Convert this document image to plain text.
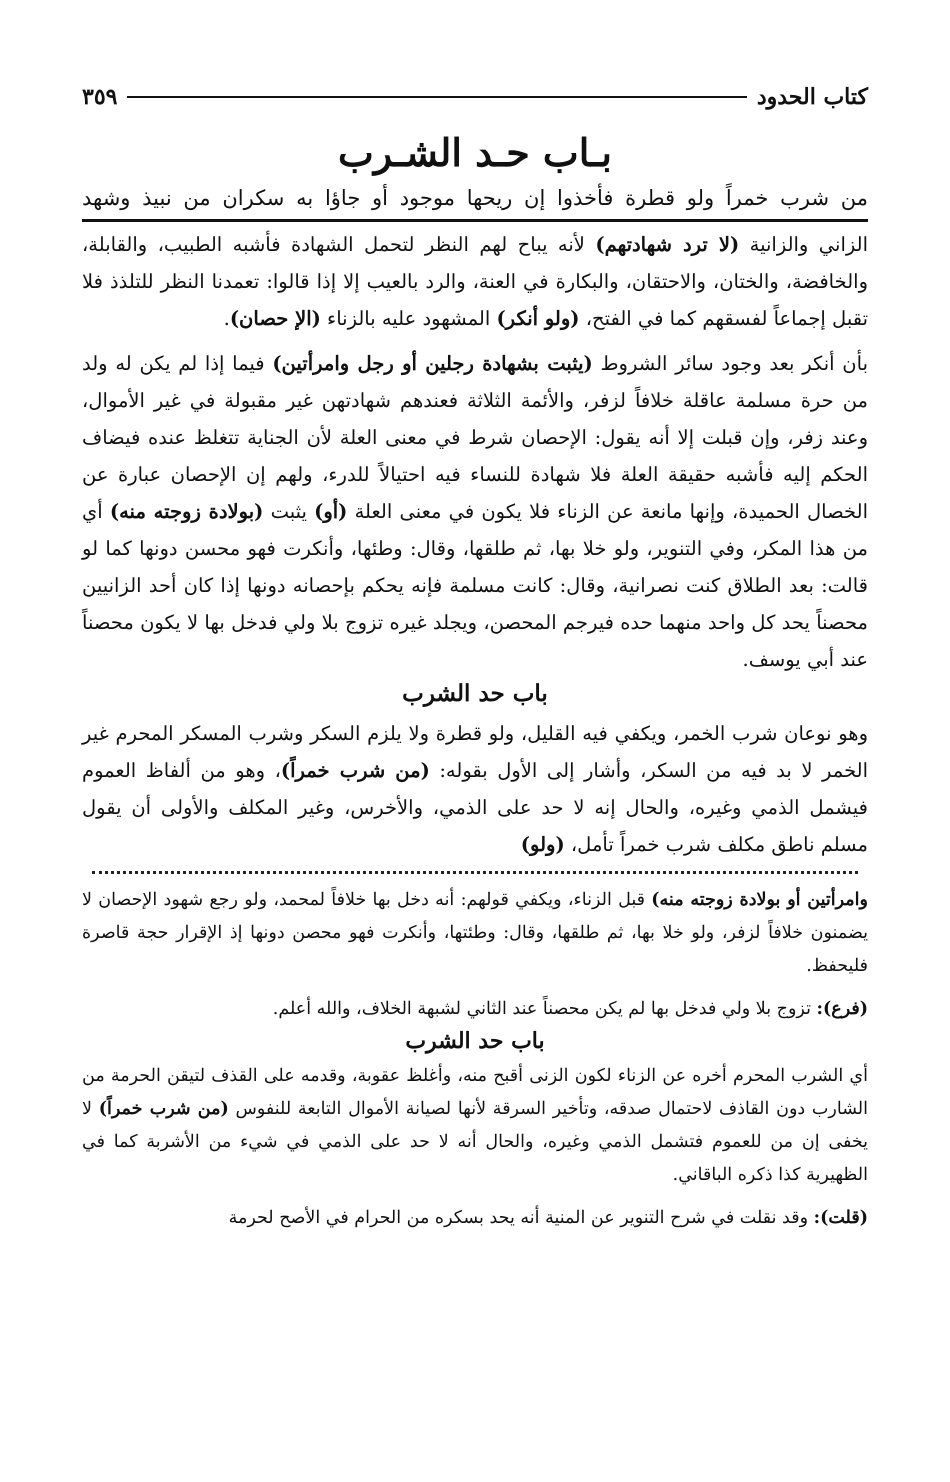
كتاب الحدود
٣٥٩
بـاب حـد الشـرب
من شرب خمراً ولو قطرة فأخذوا إن ريحها موجود أو جاؤا به سكران من نبيذ وشهد

الزاني والزانية (لا ترد شهادتهم) لأنه يباح لهم النظر لتحمل الشهادة فأشبه الطبيب، والقابلة، والخافضة، والختان، والاحتقان، والبكارة في العنة، والرد بالعيب إلا إذا قالوا: تعمدنا النظر للتلذذ فلا تقبل إجماعاً لفسقهم كما في الفتح، (ولو أنكر) المشهود عليه بالزناء (الإ حصان).

بأن أنكر بعد وجود سائر الشروط (يثبت بشهادة رجلين أو رجل وامرأتين) فيما إذا لم يكن له ولد من حرة مسلمة عاقلة خلافاً لزفر، والأئمة الثلاثة فعندهم شهادتهن غير مقبولة في غير الأموال، وعند زفر، وإن قبلت إلا أنه يقول: الإحصان شرط في معنى العلة لأن الجناية تتغلظ عنده فيضاف الحكم إليه فأشبه حقيقة العلة فلا شهادة للنساء فيه احتيالاً للدرء، ولهم إن الإحصان عبارة عن الخصال الحميدة، وإنها مانعة عن الزناء فلا يكون في معنى العلة (أو) يثبت (بولادة زوجته منه) أي من هذا المكر، وفي التنوير، ولو خلا بها، ثم طلقها، وقال: وطئها، وأنكرت فهو محسن دونها كما لو قالت: بعد الطلاق كنت نصرانية، وقال: كانت مسلمة فإنه يحكم بإحصانه دونها إذا كان أحد الزانيين محصناً يحد كل واحد منهما حده فيرجم المحصن، ويجلد غيره تزوج بلا ولي فدخل بها لا يكون محصناً عند أبي يوسف.

باب حد الشرب

وهو نوعان شرب الخمر، ويكفي فيه القليل، ولو قطرة ولا يلزم السكر وشرب المسكر المحرم غير الخمر لا بد فيه من السكر، وأشار إلى الأول بقوله: (من شرب خمراً)، وهو من ألفاظ العموم فيشمل الذمي وغيره، والحال إنه لا حد على الذمي، والأخرس، وغير المكلف والأولى أن يقول مسلم ناطق مكلف شرب خمراً تأمل، (ولو)

وامرأتين أو بولادة زوجته منه) قبل الزناء، ويكفي قولهم: أنه دخل بها خلافاً لمحمد، ولو رجع شهود الإحصان لا يضمنون خلافاً لزفر، ولو خلا بها، ثم طلقها، وقال: وطئتها، وأنكرت فهو محصن دونها إذ الإقرار حجة قاصرة فليحفظ.

(فرع): تزوج بلا ولي فدخل بها لم يكن محصناً عند الثاني لشبهة الخلاف، والله أعلم.

باب حد الشرب

أي الشرب المحرم أخره عن الزناء لكون الزنى أقبح منه، وأغلظ عقوبة، وقدمه على القذف لتيقن الحرمة من الشارب دون القاذف لاحتمال صدقه، وتأخير السرقة لأنها لصيانة الأموال التابعة للنفوس (من شرب خمراً) لا يخفى إن من للعموم فتشمل الذمي وغيره، والحال أنه لا حد على الذمي في شيء من الأشربة كما في الظهيرية كذا ذكره الباقاني.

(قلت): وقد نقلت في شرح التنوير عن المنية أنه يحد بسكره من الحرام في الأصح لحرمة
